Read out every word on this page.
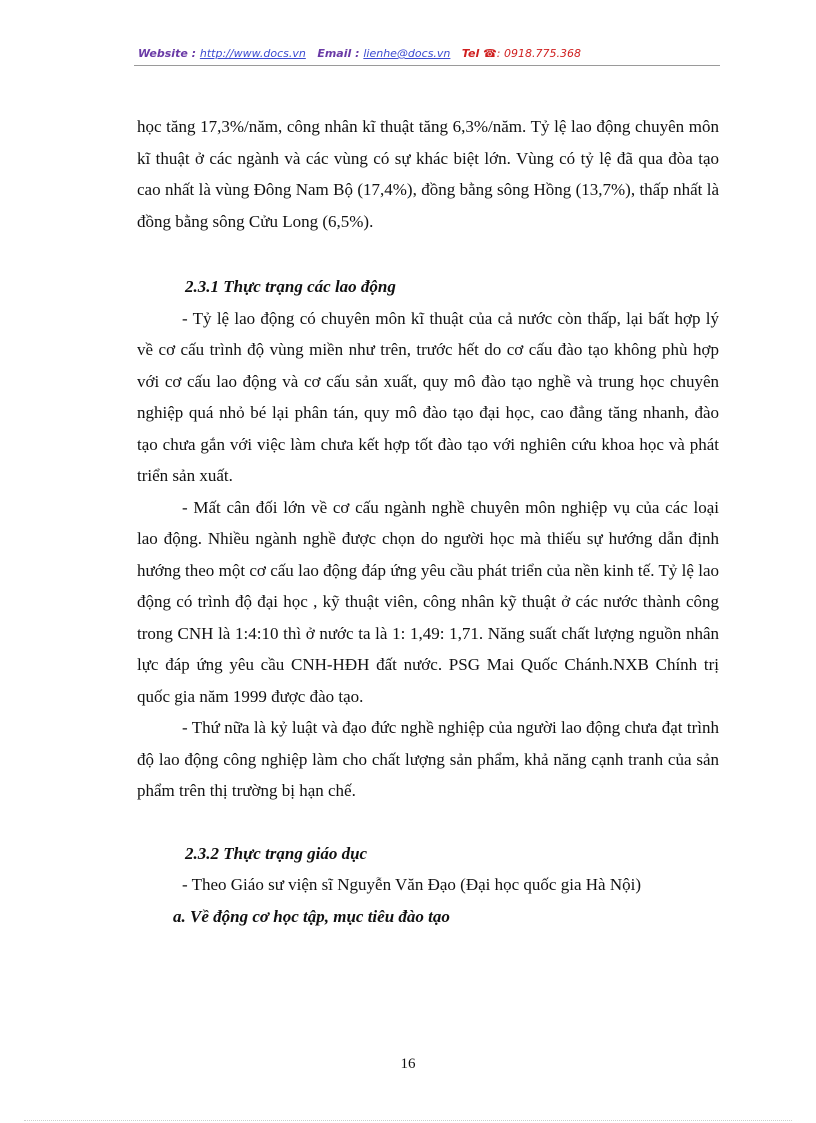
Website : http://www.docs.vn Email : lienhe@docs.vn Tel ☎: 0918.775.368

học tăng 17,3%/năm, công nhân kĩ thuật tăng 6,3%/năm. Tỷ lệ lao động chuyên môn kĩ thuật ở các ngành và các vùng có sự khác biệt lớn. Vùng có tỷ lệ đã qua đòa tạo cao nhất là vùng Đông Nam Bộ (17,4%), đồng bằng sông Hồng (13,7%), thấp nhất là đồng bằng sông Cửu Long (6,5%).

2.3.1 Thực trạng các lao động

- Tỷ lệ lao động có chuyên môn kĩ thuật của cả nước còn thấp, lại bất hợp lý về cơ cấu trình độ vùng miền như trên, trước hết do cơ cấu đào tạo không phù hợp với cơ cấu lao động và cơ cấu sản xuất, quy mô đào tạo nghề và trung học chuyên nghiệp quá nhỏ bé lại phân tán, quy mô đào tạo đại học, cao đẳng tăng nhanh, đào tạo chưa gắn với việc làm chưa kết hợp tốt đào tạo với nghiên cứu khoa học và phát triển sản xuất.

- Mất cân đối lớn về cơ cấu ngành nghề chuyên môn nghiệp vụ của các loại lao động. Nhiều ngành nghề được chọn do người học mà thiếu sự hướng dẫn định hướng theo một cơ cấu lao động đáp ứng yêu cầu phát triển của nền kinh tế. Tỷ lệ lao động có trình độ đại học , kỹ thuật viên, công nhân kỹ thuật ở các nước thành công trong CNH là 1:4:10 thì ở nước ta là 1: 1,49: 1,71. Năng suất chất lượng nguồn nhân lực đáp ứng yêu cầu CNH-HĐH đất nước. PSG Mai Quốc Chánh.NXB Chính trị quốc gia năm 1999 được đào tạo.

- Thứ nữa là kỷ luật và đạo đức nghề nghiệp của người lao động chưa đạt trình độ lao động công nghiệp làm cho chất lượng sản phẩm, khả năng cạnh tranh của sản phẩm trên thị trường bị hạn chế.

2.3.2 Thực trạng giáo dục

- Theo Giáo sư viện sĩ Nguyễn Văn Đạo (Đại học quốc gia Hà Nội)

a. Về động cơ học tập, mục tiêu đào tạo

16
